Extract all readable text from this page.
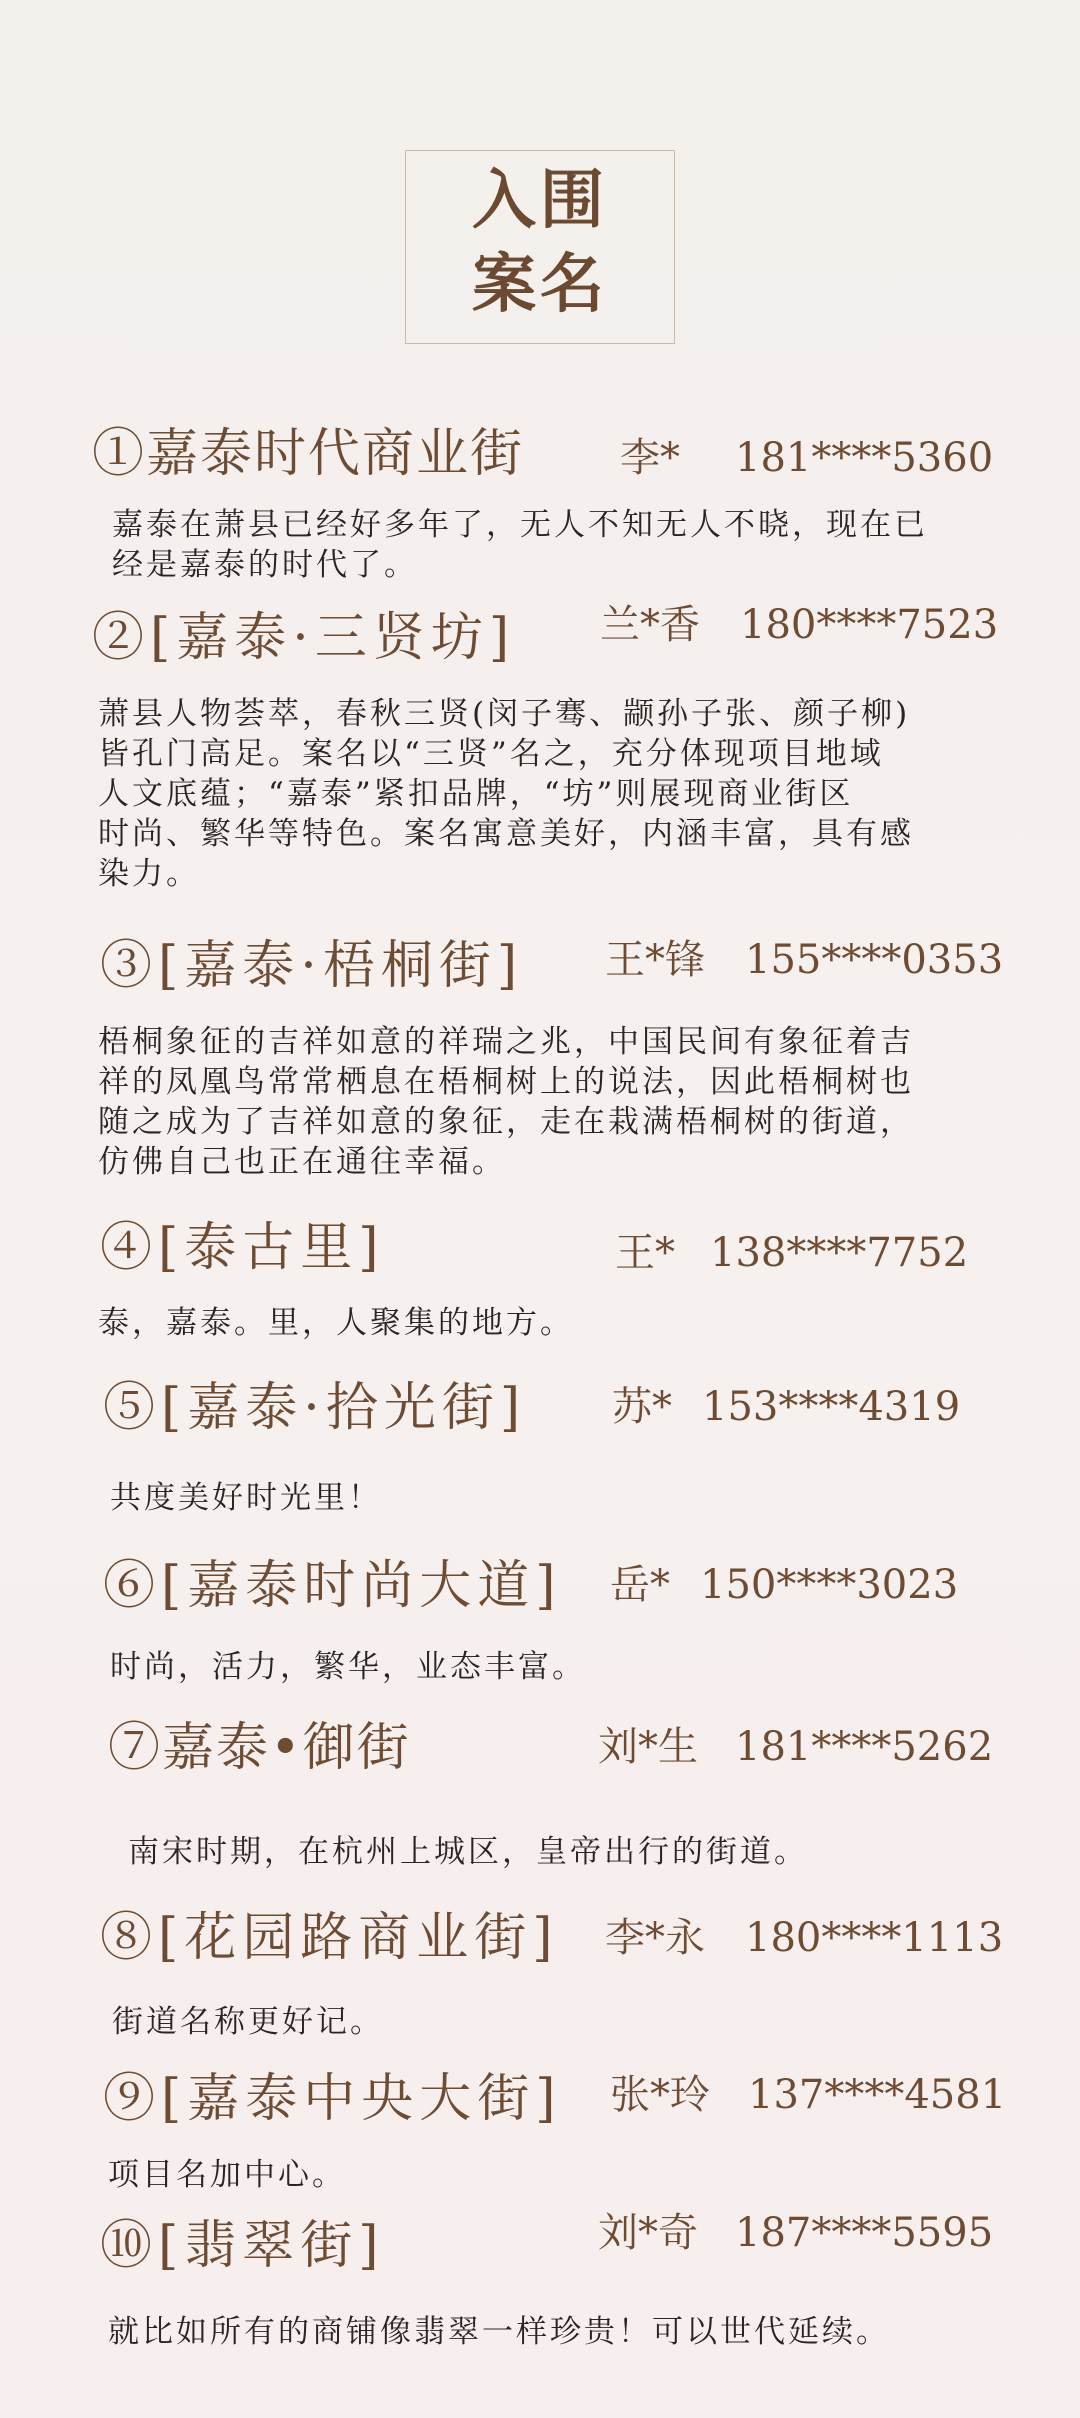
入围
案名
①嘉泰时代商业街 李* 181****5360
嘉泰在萧县已经好多年了，无人不知无人不晓，现在已
经是嘉泰的时代了。
②[嘉泰·三贤坊] 兰*香 180****7523
萧县人物荟萃，春秋三贤(闵子骞、颛孙子张、颜子柳)
皆孔门高足。案名以“三贤”名之，充分体现项目地域
人文底蕴；“嘉泰”紧扣品牌，“坊”则展现商业街区
时尚、繁华等特色。案名寓意美好，内涵丰富，具有感
染力。
③[嘉泰·梧桐街] 王*锋 155****0353
梧桐象征的吉祥如意的祥瑞之兆，中国民间有象征着吉
祥的凤凰鸟常常栖息在梧桐树上的说法，因此梧桐树也
随之成为了吉祥如意的象征，走在栽满梧桐树的街道，
仿佛自己也正在通往幸福。
④[泰古里]	王* 138****7752
泰，嘉泰。里，人聚集的地方。
⑤[嘉泰·拾光街] 苏* 153****4319
共度美好时光里！
⑥[嘉泰时尚大道] 岳* 150****3023
时尚，活力，繁华，业态丰富。
⑦嘉泰•御街	刘*生 181****5262
南宋时期，在杭州上城区，皇帝出行的街道。
⑧[花园路商业街] 李*永 180****1113
街道名称更好记。
⑨[嘉泰中央大街] 张*玲 137****4581
项目名加中心。
⑩[翡翠街]	刘*奇 187****5595
就比如所有的商铺像翡翠一样珍贵！可以世代延续。
